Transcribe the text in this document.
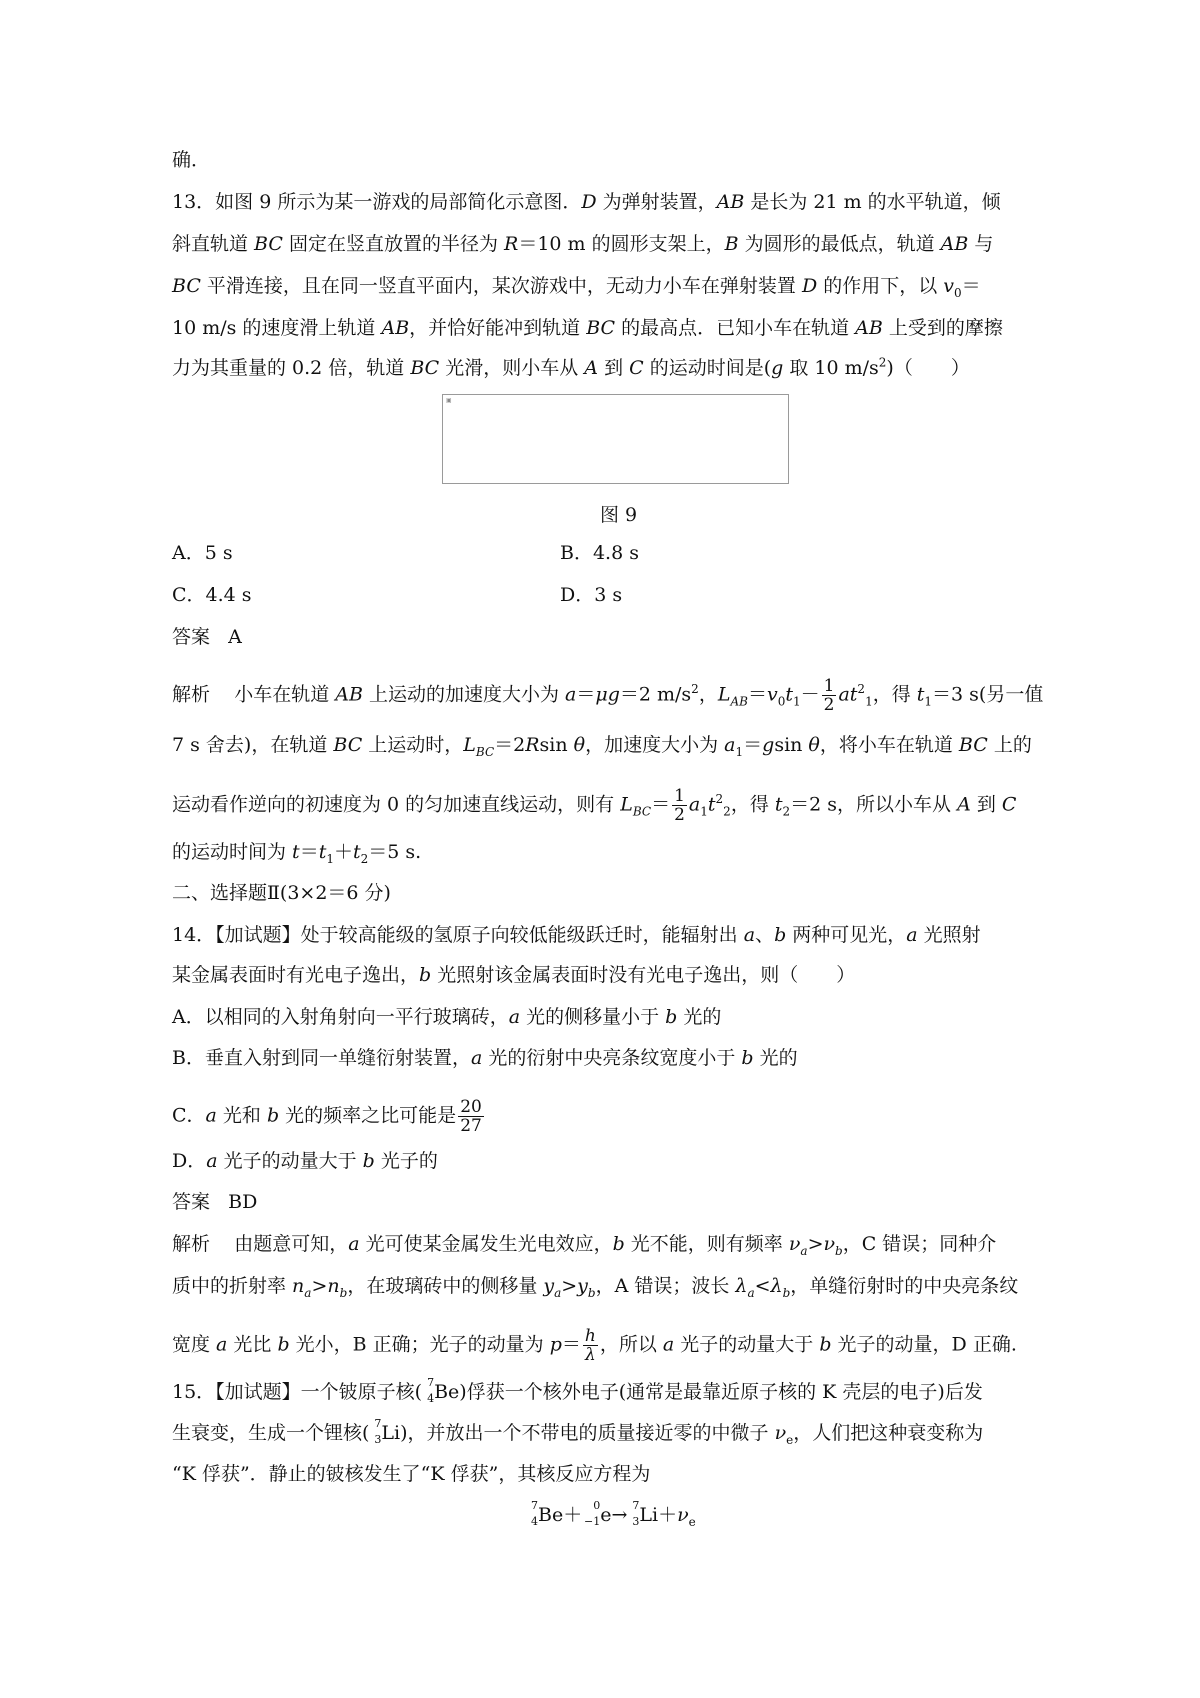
确．
13．如图 9 所示为某一游戏的局部简化示意图．D 为弹射装置，AB 是长为 21 m 的水平轨道，倾
斜直轨道 BC 固定在竖直放置的半径为 R＝10 m 的圆形支架上，B 为圆形的最低点，轨道 AB 与
BC 平滑连接，且在同一竖直平面内，某次游戏中，无动力小车在弹射装置 D 的作用下，以 $v_0=$
10 m/s 的速度滑上轨道 AB，并恰好能冲到轨道 BC 的最高点．已知小车在轨道 AB 上受到的摩擦
力为其重量的 0.2 倍，轨道 BC 光滑，则小车从 A 到 C 的运动时间是(g 取 10 $m/s^2$)（　　）
▣
图 9
A．5 s	B．4.8 s
C．4.4 s	D．3 s
答案 A
解析 小车在轨道 AB 上运动的加速度大小为 a＝μg＝2 $m/s^2$，$L_{AB}=v_0t_1- \frac{1}{2} at^2_1$，得 $t_1=3$ s(另一值
7 s 舍去)，在轨道 BC 上运动时，$L_{BC}=2Rsin$ θ，加速度大小为 $a_1=gsin$ θ，将小车在轨道 BC 上的
运动看作逆向的初速度为 0 的匀加速直线运动，则有 $L_{BC}= \frac{1}{2} a_1t^2_2$，得 $t_2=2$ s，所以小车从 A 到 C
的运动时间为 $t=t_1+t_2=5$ s.
二、选择题Ⅱ(3×2＝6 分)
14．【加试题】处于较高能级的氢原子向较低能级跃迁时，能辐射出 a、b 两种可见光，a 光照射
某金属表面时有光电子逸出，b 光照射该金属表面时没有光电子逸出，则（　　）
A．以相同的入射角射向一平行玻璃砖，a 光的侧移量小于 b 光的
B．垂直入射到同一单缝衍射装置，a 光的衍射中央亮条纹宽度小于 b 光的
C．a 光和 b 光的频率之比可能是 $\frac{20}{27}$
D．a 光子的动量大于 b 光子的
答案 BD
解析 由题意可知，a 光可使某金属发生光电效应，b 光不能，则有频率 $\nu_a>\nu_b$，C 错误；同种介
质中的折射率 $n_a>n_b$，在玻璃砖中的侧移量 $y_a>y_b$，A 错误；波长 $\lambda_a<\lambda_b$，单缝衍射时的中央亮条纹
宽度 a 光比 b 光小，B 正确；光子的动量为 $p= \frac{h}{\lambda}$ ，所以 a 光子的动量大于 b 光子的动量，D 正确.
15．【加试题】一个铍原子核( 7
4 Be)俘获一个核外电子(通常是最靠近原子核的 K 壳层的电子)后发
生衰变，生成一个锂核( 7
3 Li)，并放出一个不带电的质量接近零的中微子 $\nu_e$，人们把这种衰变称为
“K 俘获”．静止的铍核发生了“K 俘获”，其核反应方程为
7
4 Be＋ 0
−1 e→ 7
3 $Li+\nu_e$
